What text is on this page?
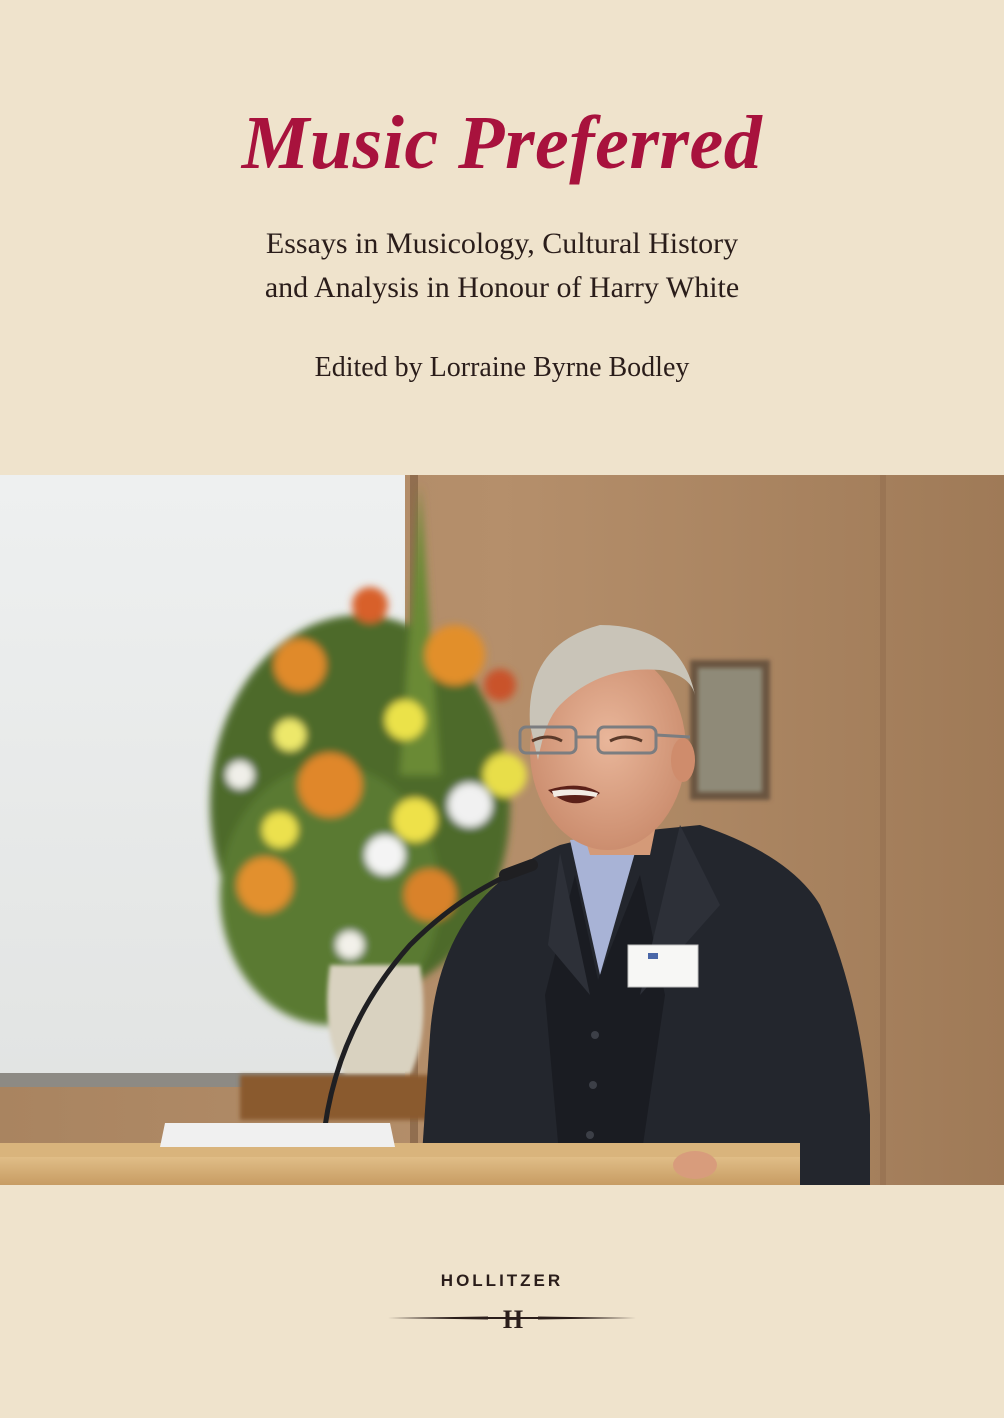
Music Preferred
Essays in Musicology, Cultural History
and Analysis in Honour of Harry White
Edited by Lorraine Byrne Bodley
HOLLITZER
H
